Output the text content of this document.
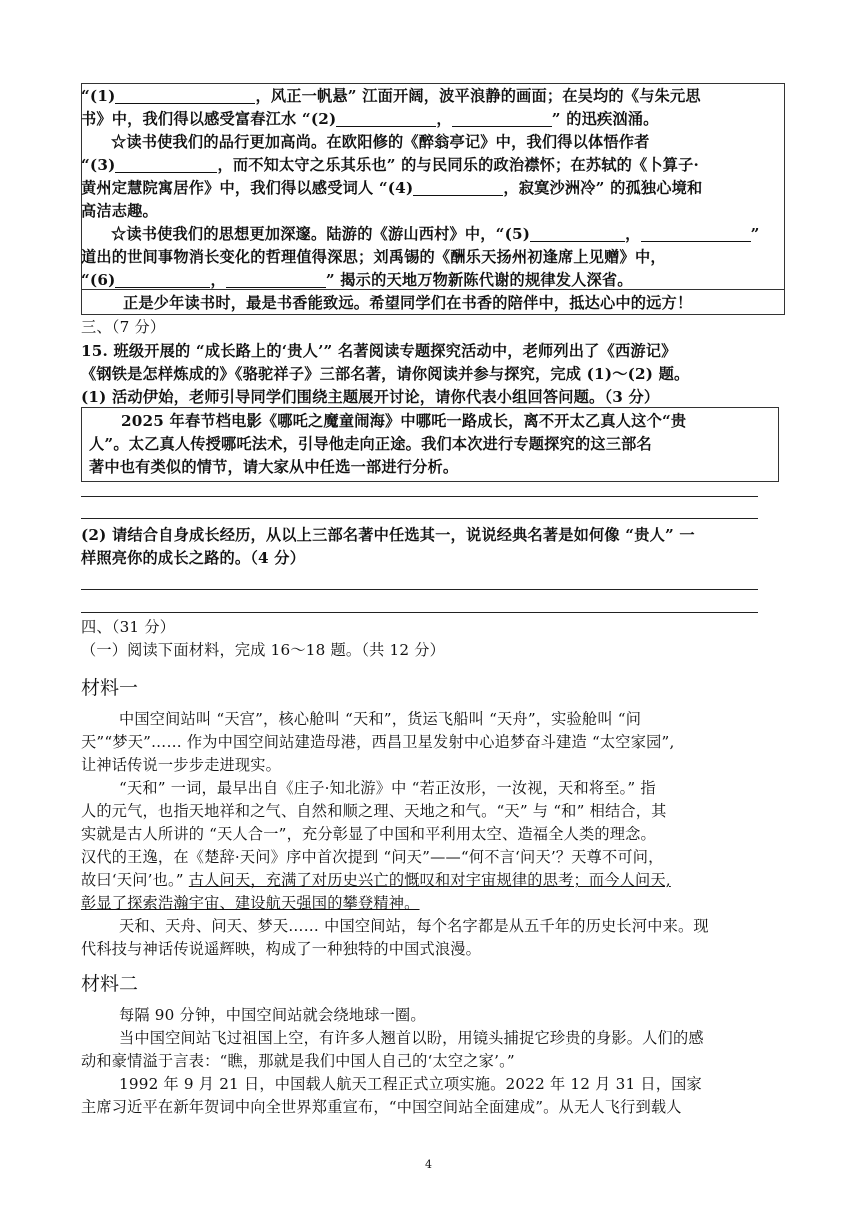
“(1)	，风正一帆悬” 江面开阔，波平浪静的画面；在吴均的《与朱元思
书》中，我们得以感受富春江水 “(2)	，	” 的迅疾汹涌。
☆读书使我们的品行更加高尚。在欧阳修的《醉翁亭记》中，我们得以体悟作者
“(3)	，而不知太守之乐其乐也” 的与民同乐的政治襟怀；在苏轼的《卜算子·
黄州定慧院寓居作》中，我们得以感受词人 “(4)	，寂寞沙洲冷” 的孤独心境和
高洁志趣。
☆读书使我们的思想更加深邃。陆游的《游山西村》中，“(5)	，	”
道出的世间事物消长变化的哲理值得深思；刘禹锡的《酬乐天扬州初逢席上见赠》中，
“(6)	，	” 揭示的天地万物新陈代谢的规律发人深省。
正是少年读书时，最是书香能致远。希望同学们在书香的陪伴中，抵达心中的远方！
三、（7 分）
15. 班级开展的 “成长路上的‘贵人’” 名著阅读专题探究活动中，老师列出了《西游记》
《钢铁是怎样炼成的》《骆驼祥子》三部名著，请你阅读并参与探究，完成 (1)～(2) 题。
(1) 活动伊始，老师引导同学们围绕主题展开讨论，请你代表小组回答问题。（3 分）
2025 年春节档电影《哪吒之魔童闹海》中哪吒一路成长，离不开太乙真人这个“贵
人”。太乙真人传授哪吒法术，引导他走向正途。我们本次进行专题探究的这三部名
著中也有类似的情节，请大家从中任选一部进行分析。
(2) 请结合自身成长经历，从以上三部名著中任选其一，说说经典名著是如何像 “贵人” 一
样照亮你的成长之路的。（4 分）
四、（31 分）
（一）阅读下面材料，完成 16～18 题。（共 12 分）
材料一
中国空间站叫 “天宫”，核心舱叫 “天和”，货运飞船叫 “天舟”，实验舱叫 “问
天”“梦天”…… 作为中国空间站建造母港，西昌卫星发射中心追梦奋斗建造 “太空家园”,
让神话传说一步步走进现实。
“天和” 一词，最早出自《庄子·知北游》中 “若正汝形，一汝视，天和将至。” 指
人的元气，也指天地祥和之气、自然和顺之理、天地之和气。“天” 与 “和” 相结合，其
实就是古人所讲的 “天人合一”，充分彰显了中国和平利用太空、造福全人类的理念。
汉代的王逸，在《楚辞·天问》序中首次提到 “问天”——“何不言‘问天’？天尊不可问，
故曰‘天问’也。” 古人问天，充满了对历史兴亡的慨叹和对宇宙规律的思考；而今人问天,
彰显了探索浩瀚宇宙、建设航天强国的攀登精神。
天和、天舟、问天、梦天…… 中国空间站，每个名字都是从五千年的历史长河中来。现
代科技与神话传说遥辉映，构成了一种独特的中国式浪漫。
材料二
每隔 90 分钟，中国空间站就会绕地球一圈。
当中国空间站飞过祖国上空，有许多人翘首以盼，用镜头捕捉它珍贵的身影。人们的感
动和豪情溢于言表：“瞧，那就是我们中国人自己的‘太空之家’。”
1992 年 9 月 21 日，中国载人航天工程正式立项实施。2022 年 12 月 31 日，国家
主席习近平在新年贺词中向全世界郑重宣布，“中国空间站全面建成”。从无人飞行到载人
4
